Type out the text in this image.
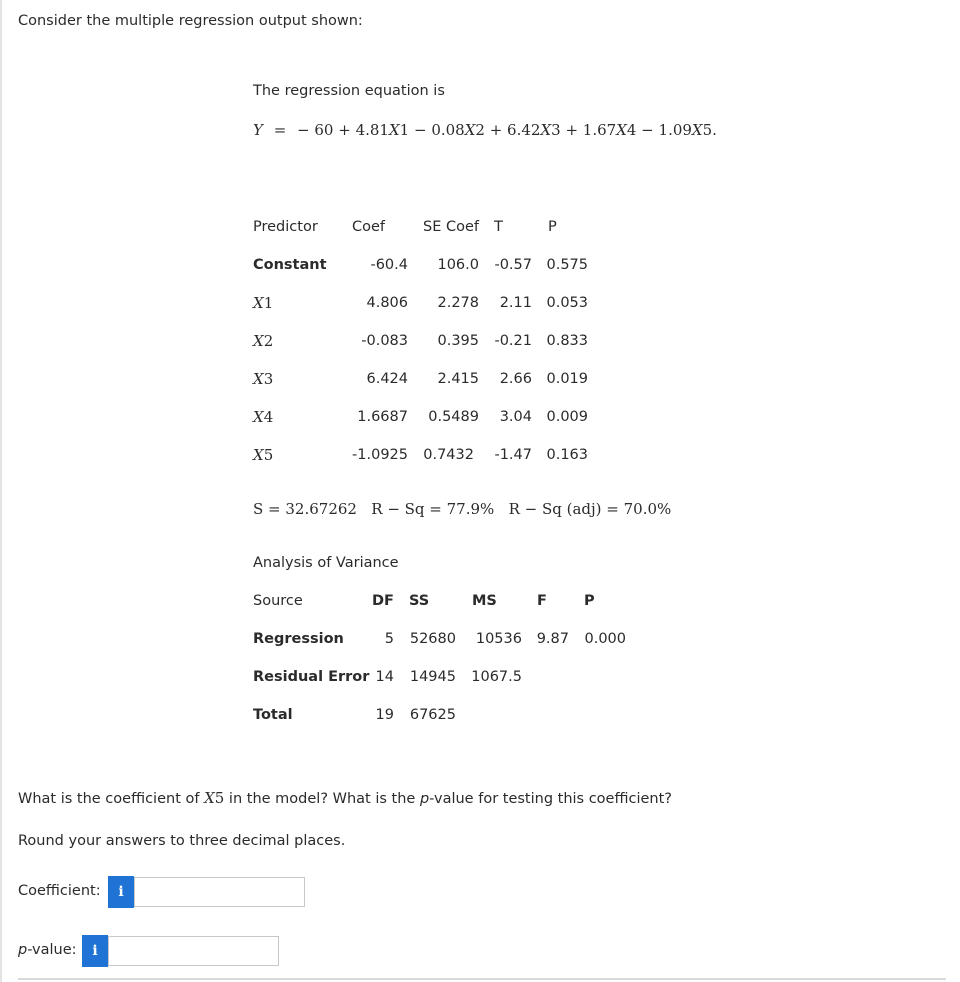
Consider the multiple regression output shown:
The regression equation is
Y = − 60 + 4.81X1 − 0.08X2 + 6.42X3 + 1.67X4 − 1.09X5.
Predictor Coef	SE Coef T	P
Constant	-60.4	106.0	-0.57 0.575
X1	4.806	2.278	2.11 0.053
X2	-0.083	0.395	-0.21 0.833
X3	6.424	2.415	2.66 0.019
X4	1.6687	0.5489	3.04 0.009
X5	-1.0925	0.7432	-1.47 0.163
S = 32.67262   R − Sq = 77.9%   R − Sq (adj) = 70.0%
Analysis of Variance
Source	DF SS	MS	F	P
Regression	5	52680	10536	9.87	0.000
Residual Error 14	14945	1067.5
Total	19	67625
What is the coefficient of X5 in the model? What is the p-value for testing this coefficient?
Round your answers to three decimal places.
Coefficient:	i
p-value:	i
